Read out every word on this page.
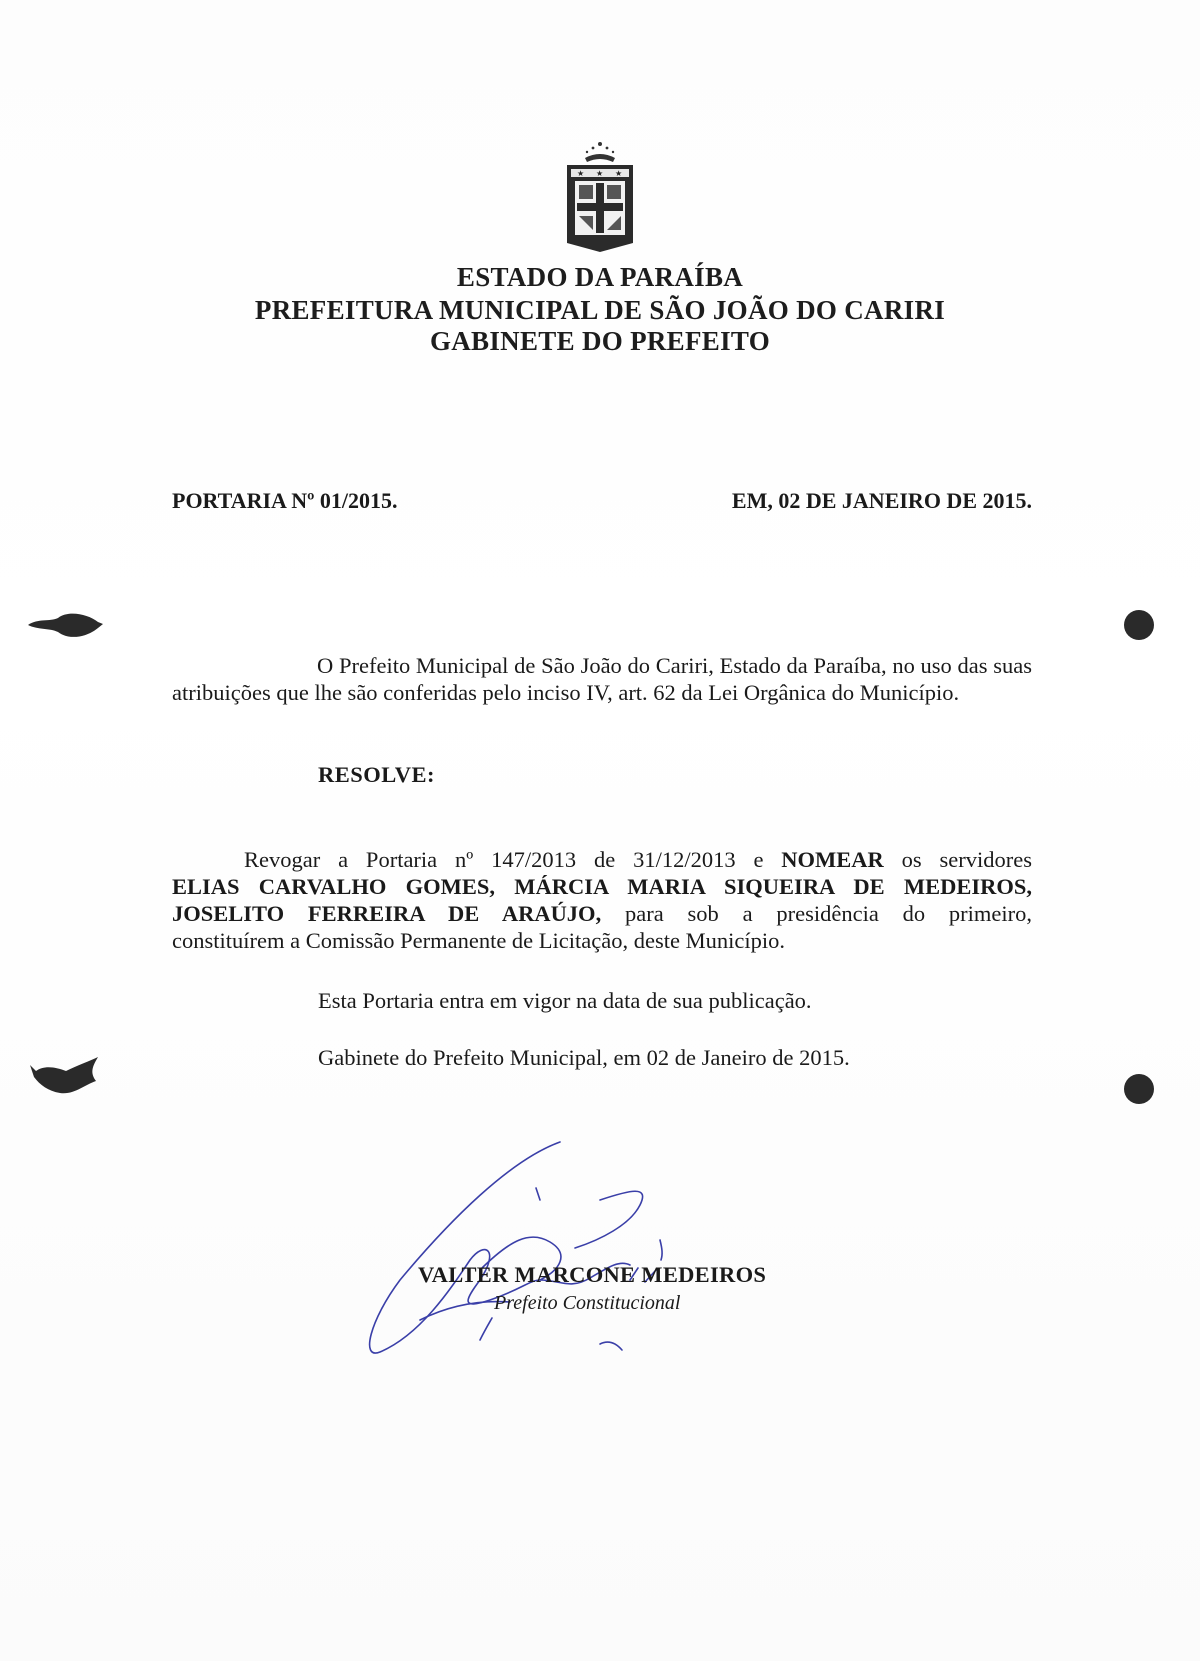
★ ★ ★
ESTADO DA PARAÍBA
PREFEITURA MUNICIPAL DE SÃO JOÃO DO CARIRI
GABINETE DO PREFEITO
PORTARIA Nº 01/2015.	EM, 02 DE JANEIRO DE 2015.
O Prefeito Municipal de São João do Cariri, Estado da Paraíba, no uso das suas atribuições que lhe são conferidas pelo inciso IV, art. 62 da Lei Orgânica do Município.
RESOLVE:
Revogar a Portaria nº 147/2013 de 31/12/2013 e NOMEAR os servidores
ELIAS CARVALHO GOMES, MÁRCIA MARIA SIQUEIRA DE MEDEIROS,
JOSELITO FERREIRA DE ARAÚJO, para sob a presidência do primeiro,
constituírem a Comissão Permanente de Licitação, deste Município.
Esta Portaria entra em vigor na data de sua publicação.
Gabinete do Prefeito Municipal, em 02 de Janeiro de 2015.
VALTER MARCONE MEDEIROS
Prefeito Constitucional
